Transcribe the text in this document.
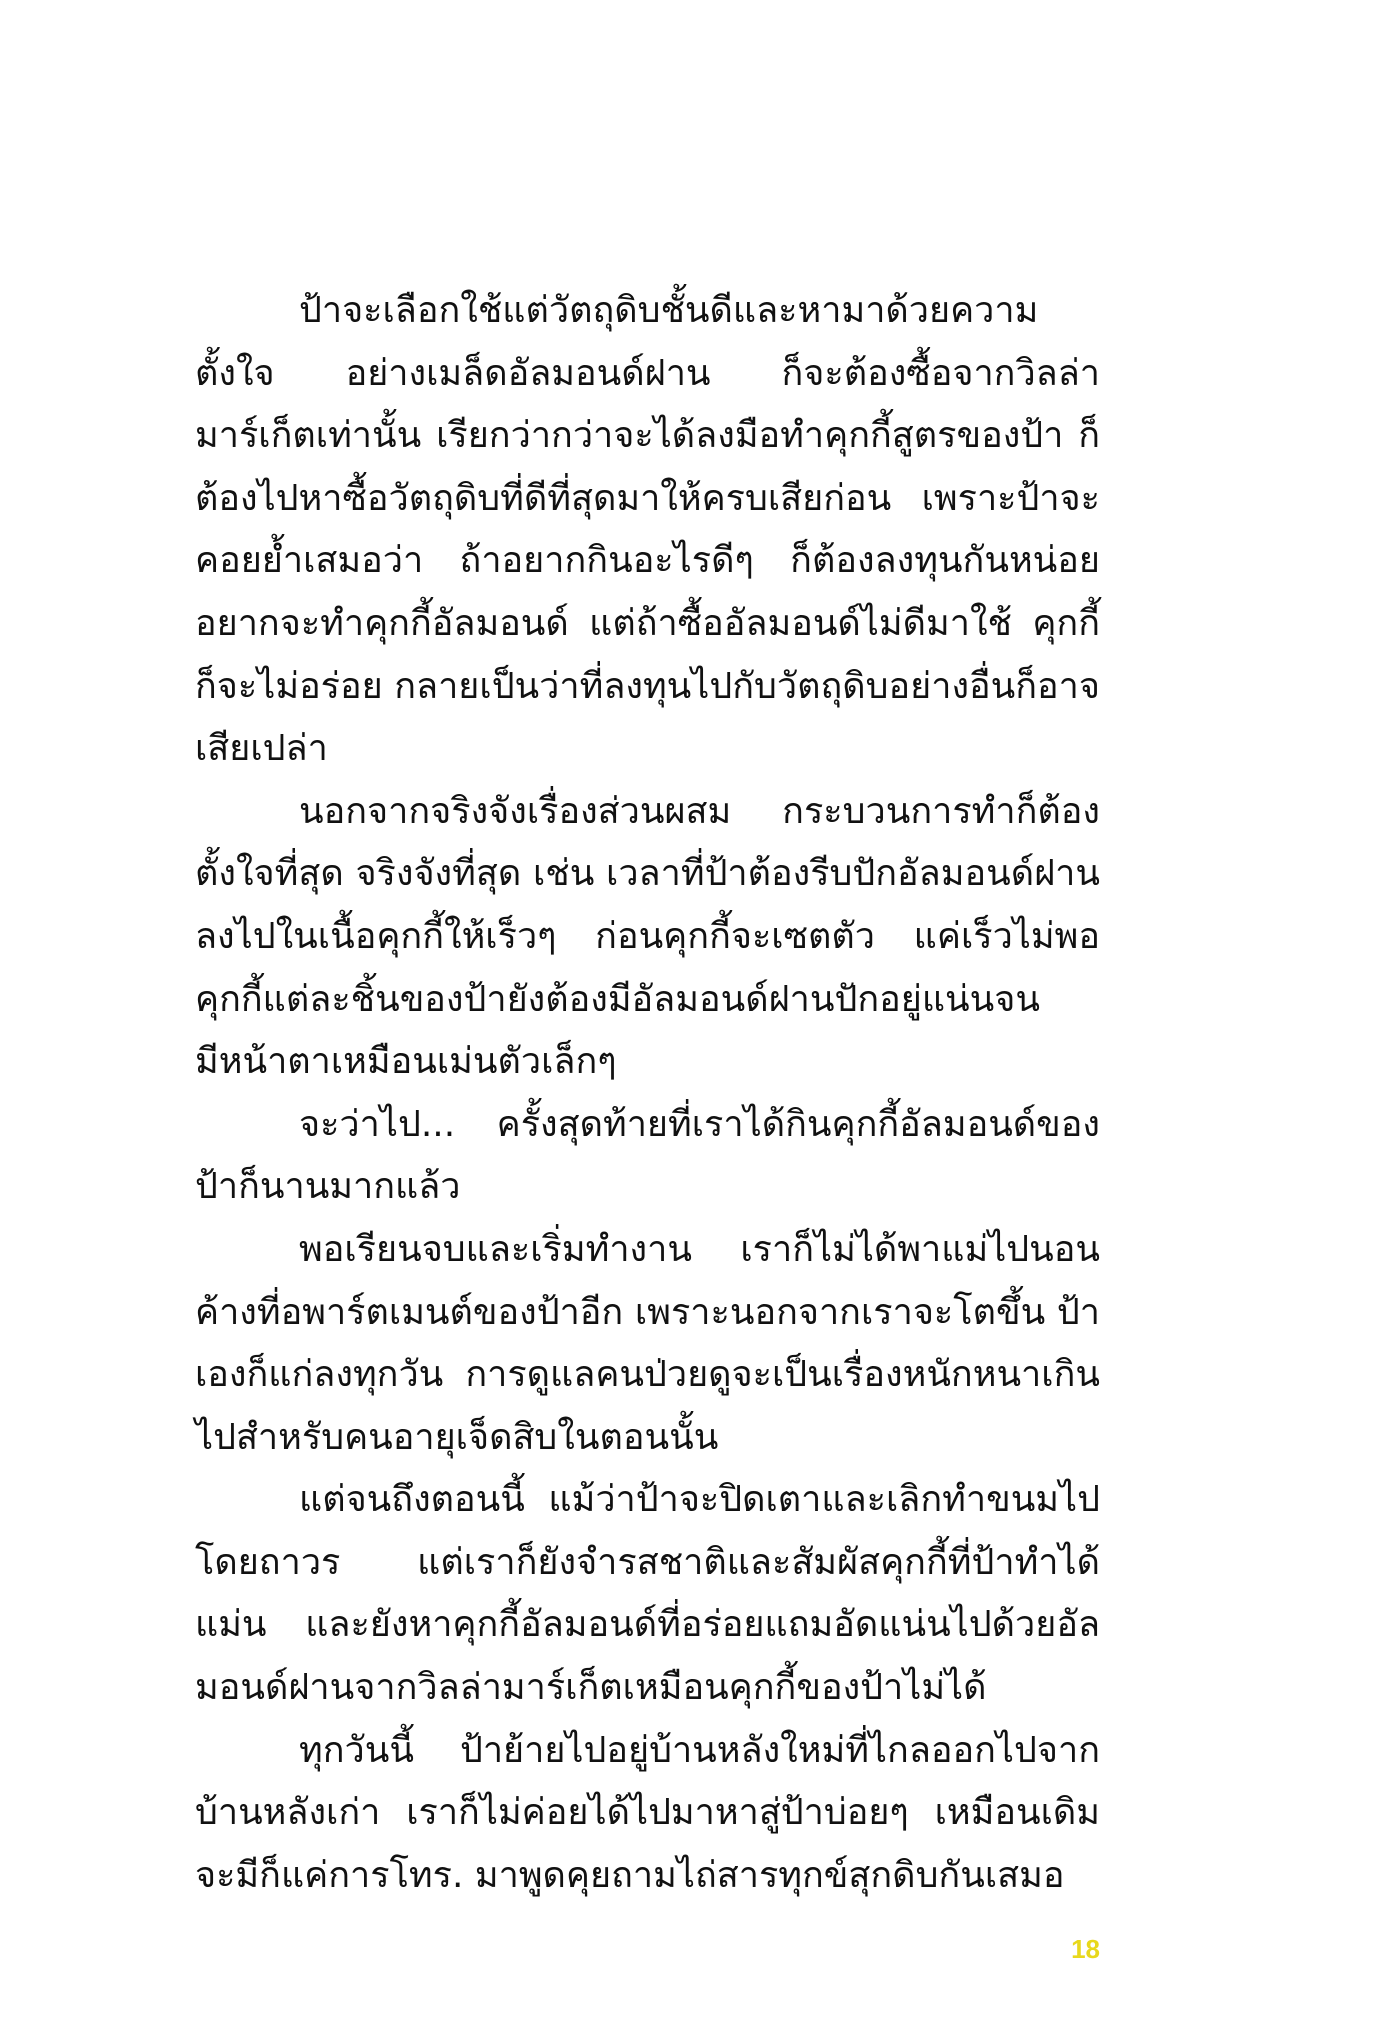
ป้าจะเลือกใช้แต่วัตถุดิบชั้นดีและหามาด้วยความตั้งใจ อย่างเมล็ดอัลมอนด์ฝาน ก็จะต้องซื้อจากวิลล่ามาร์เก็ตเท่านั้น เรียกว่ากว่าจะได้ลงมือทำคุกกี้สูตรของป้า ก็ต้องไปหาซื้อวัตถุดิบที่ดีที่สุดมาให้ครบเสียก่อน เพราะป้าจะคอยย้ำเสมอว่า ถ้าอยากกินอะไรดีๆ ก็ต้องลงทุนกันหน่อย อยากจะทำคุกกี้อัลมอนด์ แต่ถ้าซื้ออัลมอนด์ไม่ดีมาใช้ คุกกี้ก็จะไม่อร่อย กลายเป็นว่าที่ลงทุนไปกับวัตถุดิบอย่างอื่นก็อาจเสียเปล่า

นอกจากจริงจังเรื่องส่วนผสม กระบวนการทำก็ต้องตั้งใจที่สุด จริงจังที่สุด เช่น เวลาที่ป้าต้องรีบปักอัลมอนด์ฝานลงไปในเนื้อคุกกี้ให้เร็วๆ ก่อนคุกกี้จะเซตตัว แค่เร็วไม่พอ คุกกี้แต่ละชิ้นของป้ายังต้องมีอัลมอนด์ฝานปักอยู่แน่นจนมีหน้าตาเหมือนเม่นตัวเล็กๆ

จะว่าไป... ครั้งสุดท้ายที่เราได้กินคุกกี้อัลมอนด์ของป้าก็นานมากแล้ว

พอเรียนจบและเริ่มทำงาน เราก็ไม่ได้พาแม่ไปนอนค้างที่อพาร์ตเมนต์ของป้าอีก เพราะนอกจากเราจะโตขึ้น ป้าเองก็แก่ลงทุกวัน การดูแลคนป่วยดูจะเป็นเรื่องหนักหนาเกินไปสำหรับคนอายุเจ็ดสิบในตอนนั้น

แต่จนถึงตอนนี้ แม้ว่าป้าจะปิดเตาและเลิกทำขนมไปโดยถาวร แต่เราก็ยังจำรสชาติและสัมผัสคุกกี้ที่ป้าทำได้แม่น และยังหาคุกกี้อัลมอนด์ที่อร่อยแถมอัดแน่นไปด้วยอัลมอนด์ฝานจากวิลล่ามาร์เก็ตเหมือนคุกกี้ของป้าไม่ได้

ทุกวันนี้ ป้าย้ายไปอยู่บ้านหลังใหม่ที่ไกลออกไปจากบ้านหลังเก่า เราก็ไม่ค่อยได้ไปมาหาสู่ป้าบ่อยๆ เหมือนเดิม จะมีก็แค่การโทร. มาพูดคุยถามไถ่สารทุกข์สุกดิบกันเสมอ

18
